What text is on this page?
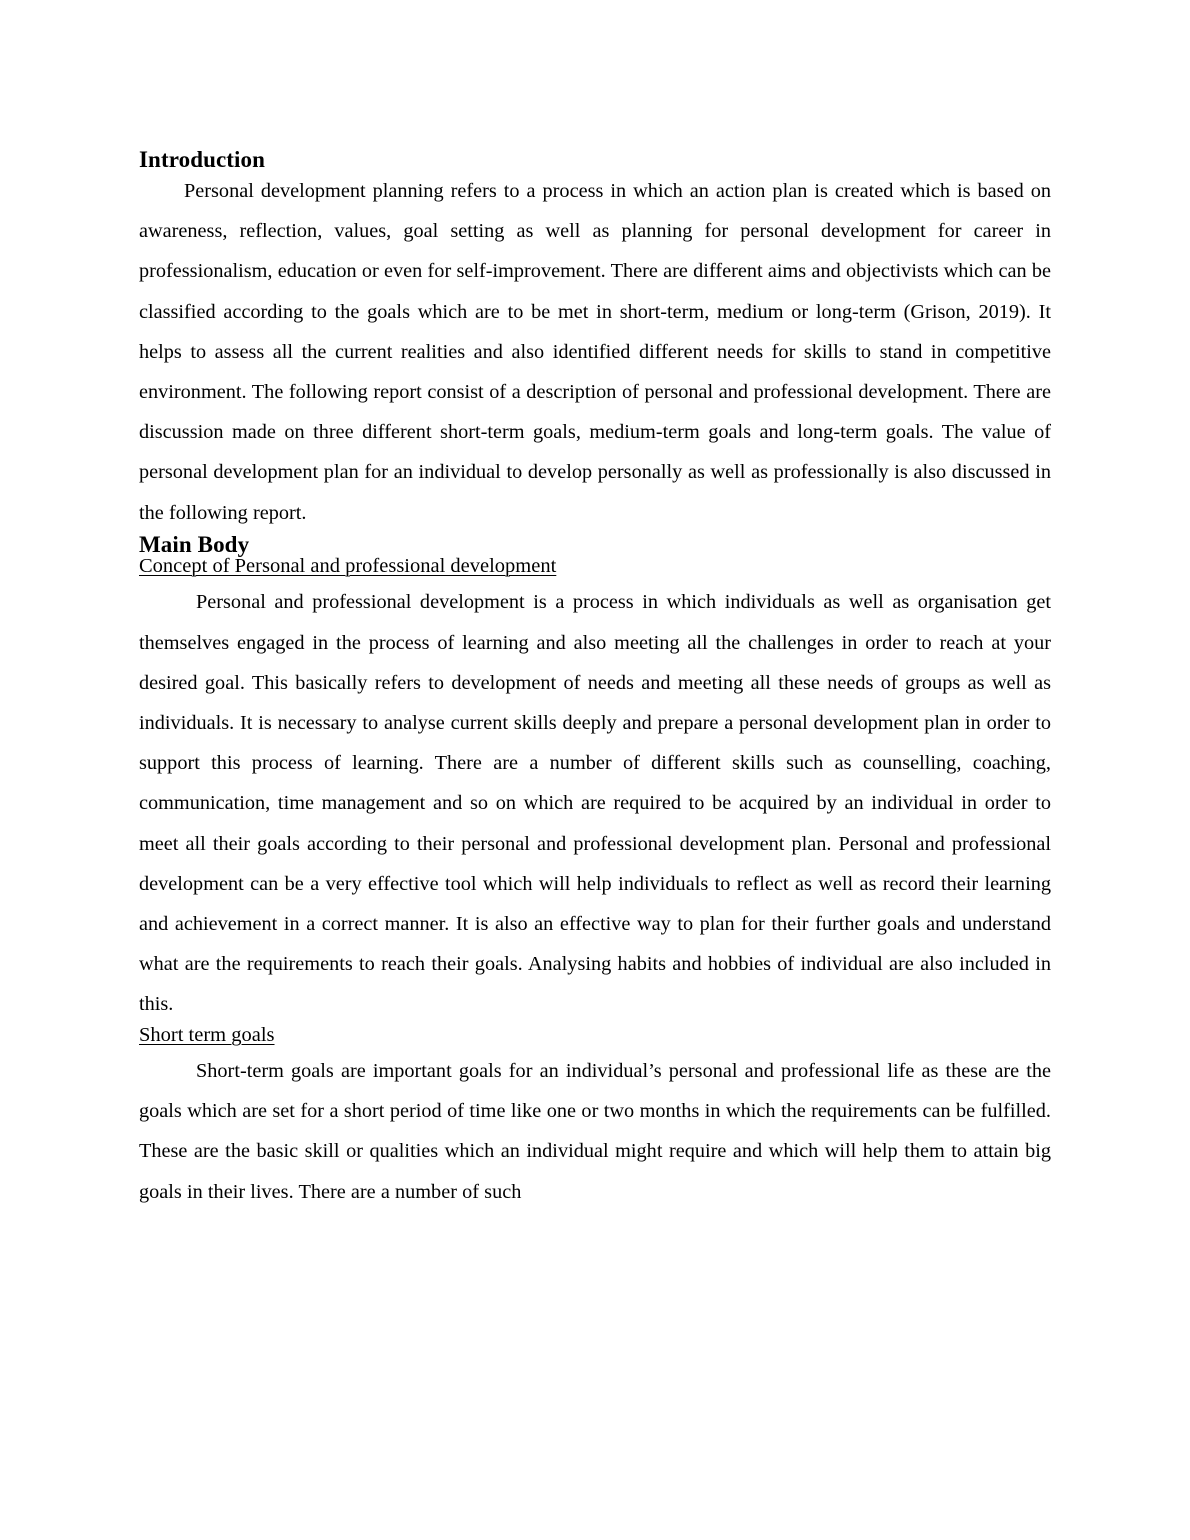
Introduction

Personal development planning refers to a process in which an action plan is created which is based on awareness, reflection, values, goal setting as well as planning for personal development for career in professionalism, education or even for self-improvement. There are different aims and objectivists which can be classified according to the goals which are to be met in short-term, medium or long-term (Grison, 2019). It helps to assess all the current realities and also identified different needs for skills to stand in competitive environment. The following report consist of a description of personal and professional development. There are discussion made on three different short-term goals, medium-term goals and long-term goals. The value of personal development plan for an individual to develop personally as well as professionally is also discussed in the following report.

Main Body
Concept of Personal and professional development

Personal and professional development is a process in which individuals as well as organisation get themselves engaged in the process of learning and also meeting all the challenges in order to reach at your desired goal. This basically refers to development of needs and meeting all these needs of groups as well as individuals. It is necessary to analyse current skills deeply and prepare a personal development plan in order to support this process of learning. There are a number of different skills such as counselling, coaching, communication, time management and so on which are required to be acquired by an individual in order to meet all their goals according to their personal and professional development plan. Personal and professional development can be a very effective tool which will help individuals to reflect as well as record their learning and achievement in a correct manner. It is also an effective way to plan for their further goals and understand what are the requirements to reach their goals. Analysing habits and hobbies of individual are also included in this.

Short term goals

Short-term goals are important goals for an individual’s personal and professional life as these are the goals which are set for a short period of time like one or two months in which the requirements can be fulfilled. These are the basic skill or qualities which an individual might require and which will help them to attain big goals in their lives. There are a number of such
